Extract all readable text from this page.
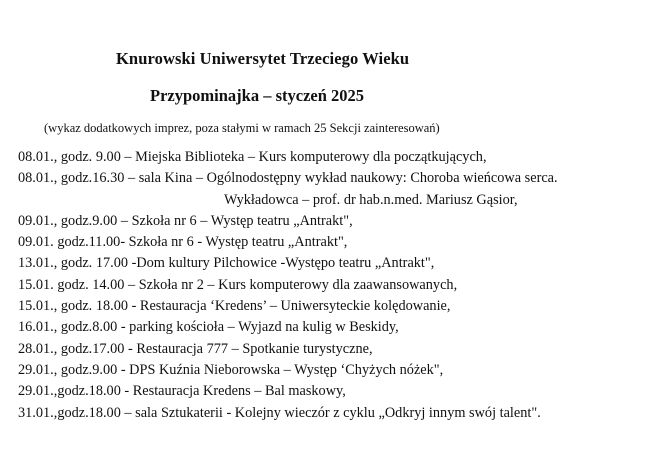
Knurowski Uniwersytet Trzeciego Wieku
Przypominajka – styczeń 2025
(wykaz dodatkowych imprez, poza stałymi w ramach 25 Sekcji zainteresowań)
08.01., godz. 9.00 – Miejska Biblioteka – Kurs komputerowy dla początkujących,
08.01., godz.16.30 – sala Kina – Ogólnodostępny wykład naukowy: Choroba wieńcowa serca.
Wykładowca – prof. dr hab.n.med. Mariusz Gąsior,
09.01., godz.9.00 – Szkoła nr 6 – Występ teatru „Antrakt",
09.01. godz.11.00- Szkoła nr 6 - Występ teatru „Antrakt",
13.01., godz. 17.00 -Dom kultury Pilchowice -Występo teatru „Antrakt",
15.01. godz. 14.00 – Szkoła nr 2 – Kurs komputerowy dla zaawansowanych,
15.01., godz. 18.00 - Restauracja ‘Kredens’ – Uniwersyteckie kolędowanie,
16.01., godz.8.00 - parking kościoła – Wyjazd na kulig w Beskidy,
28.01., godz.17.00 - Restauracja 777 – Spotkanie turystyczne,
29.01., godz.9.00 - DPS Kuźnia Nieborowska – Występ ‘Chyżych nóżek",
29.01.,godz.18.00 - Restauracja Kredens – Bal maskowy,
31.01.,godz.18.00 – sala Sztukaterii - Kolejny wieczór z cyklu „Odkryj innym swój talent".
